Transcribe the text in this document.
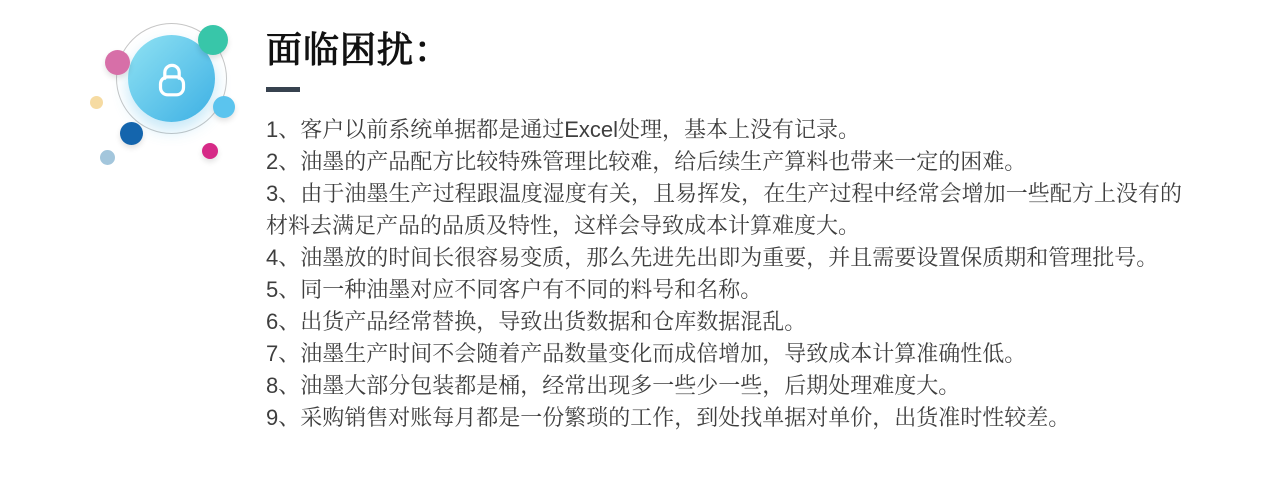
面临困扰：
1、客户以前系统单据都是通过Excel处理，基本上没有记录。
2、油墨的产品配方比较特殊管理比较难，给后续生产算料也带来一定的困难。
3、由于油墨生产过程跟温度湿度有关，且易挥发，在生产过程中经常会增加一些配方上没有的材料去满足产品的品质及特性，这样会导致成本计算难度大。
4、油墨放的时间长很容易变质，那么先进先出即为重要，并且需要设置保质期和管理批号。
5、同一种油墨对应不同客户有不同的料号和名称。
6、出货产品经常替换，导致出货数据和仓库数据混乱。
7、油墨生产时间不会随着产品数量变化而成倍增加，导致成本计算准确性低。
8、油墨大部分包装都是桶，经常出现多一些少一些，后期处理难度大。
9、采购销售对账每月都是一份繁琐的工作，到处找单据对单价，出货准时性较差。
